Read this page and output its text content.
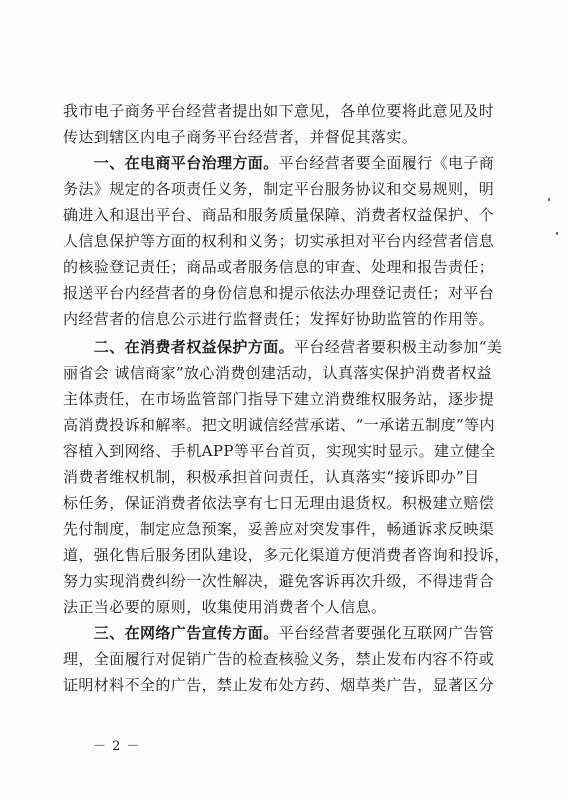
我市电子商务平台经营者提出如下意见，各单位要将此意见及时
传达到辖区内电子商务平台经营者，并督促其落实。
　　一、在电商平台治理方面。平台经营者要全面履行《电子商
务法》规定的各项责任义务，制定平台服务协议和交易规则，明
确进入和退出平台、商品和服务质量保障、消费者权益保护、个
人信息保护等方面的权利和义务；切实承担对平台内经营者信息
的核验登记责任；商品或者服务信息的审查、处理和报告责任；
报送平台内经营者的身份信息和提示依法办理登记责任；对平台
内经营者的信息公示进行监督责任；发挥好协助监管的作用等。
　　二、在消费者权益保护方面。平台经营者要积极主动参加“美
丽省会 诚信商家”放心消费创建活动，认真落实保护消费者权益
主体责任，在市场监管部门指导下建立消费维权服务站，逐步提
高消费投诉和解率。把文明诚信经营承诺、“一承诺五制度”等内
容植入到网络、手机APP等平台首页，实现实时显示。建立健全
消费者维权机制，积极承担首问责任，认真落实“接诉即办”目
标任务，保证消费者依法享有七日无理由退货权。积极建立赔偿
先付制度，制定应急预案，妥善应对突发事件，畅通诉求反映渠
道，强化售后服务团队建设，多元化渠道方便消费者咨询和投诉，
努力实现消费纠纷一次性解决，避免客诉再次升级，不得违背合
法正当必要的原则，收集使用消费者个人信息。
　　三、在网络广告宣传方面。平台经营者要强化互联网广告管
理，全面履行对促销广告的检查核验义务，禁止发布内容不符或
证明材料不全的广告，禁止发布处方药、烟草类广告，显著区分
－ 2 －
